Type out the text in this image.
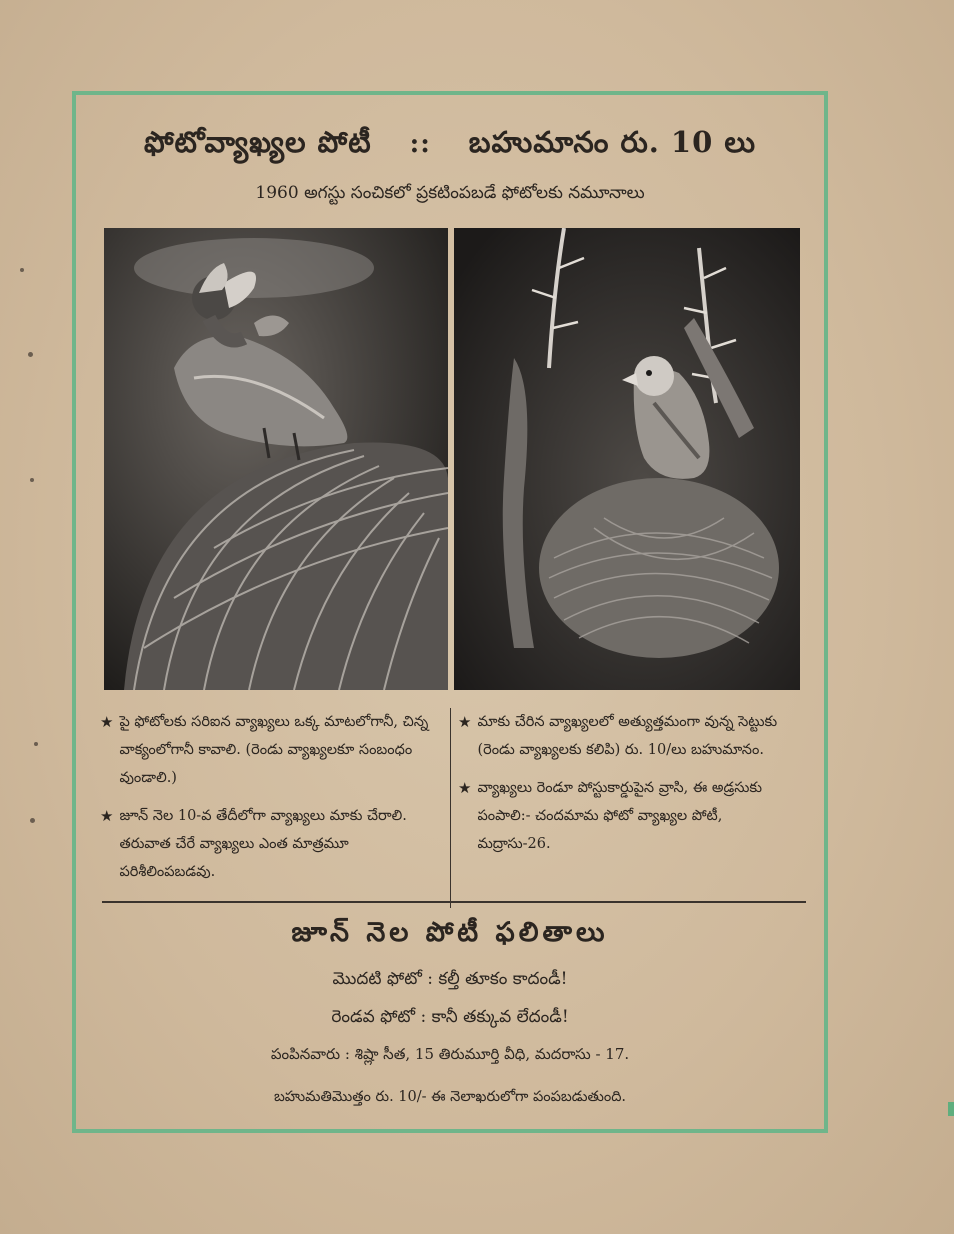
ఫోటోవ్యాఖ్యల పోటీ :: బహుమానం రు. 10 లు
1960 అగస్టు సంచికలో ప్రకటింపబడే ఫోటోలకు నమూనాలు
★ పై ఫోటోలకు సరిఐన వ్యాఖ్యలు ఒక్క మాటలోగానీ, చిన్న వాక్యంలోగానీ కావాలి. (రెండు వ్యాఖ్యలకూ సంబంధం వుండాలి.)
★ జూన్ నెల 10-వ తేదీలోగా వ్యాఖ్యలు మాకు చేరాలి. తరువాత చేరే వ్యాఖ్యలు ఎంత మాత్రమూ పరిశీలింపబడవు.
★ మాకు చేరిన వ్యాఖ్యలలో అత్యుత్తమంగా వున్న సెట్టుకు (రెండు వ్యాఖ్యలకు కలిపి) రు. 10/లు బహుమానం.
★ వ్యాఖ్యలు రెండూ పోస్టుకార్డుపైన వ్రాసి, ఈ అడ్రసుకు పంపాలి:- చందమామ ఫోటో వ్యాఖ్యల పోటీ, మద్రాసు-26.
జూన్ నెల పోటీ ఫలితాలు
మొదటి ఫోటో : కల్తీ తూకం కాదండీ!
రెండవ ఫోటో : కానీ తక్కువ లేదండీ!
పంపినవారు : శిష్లా సీత, 15 తిరుమూర్తి వీధి, మదరాసు - 17.
బహుమతిమొత్తం రు. 10/- ఈ నెలాఖరులోగా పంపబడుతుంది.
